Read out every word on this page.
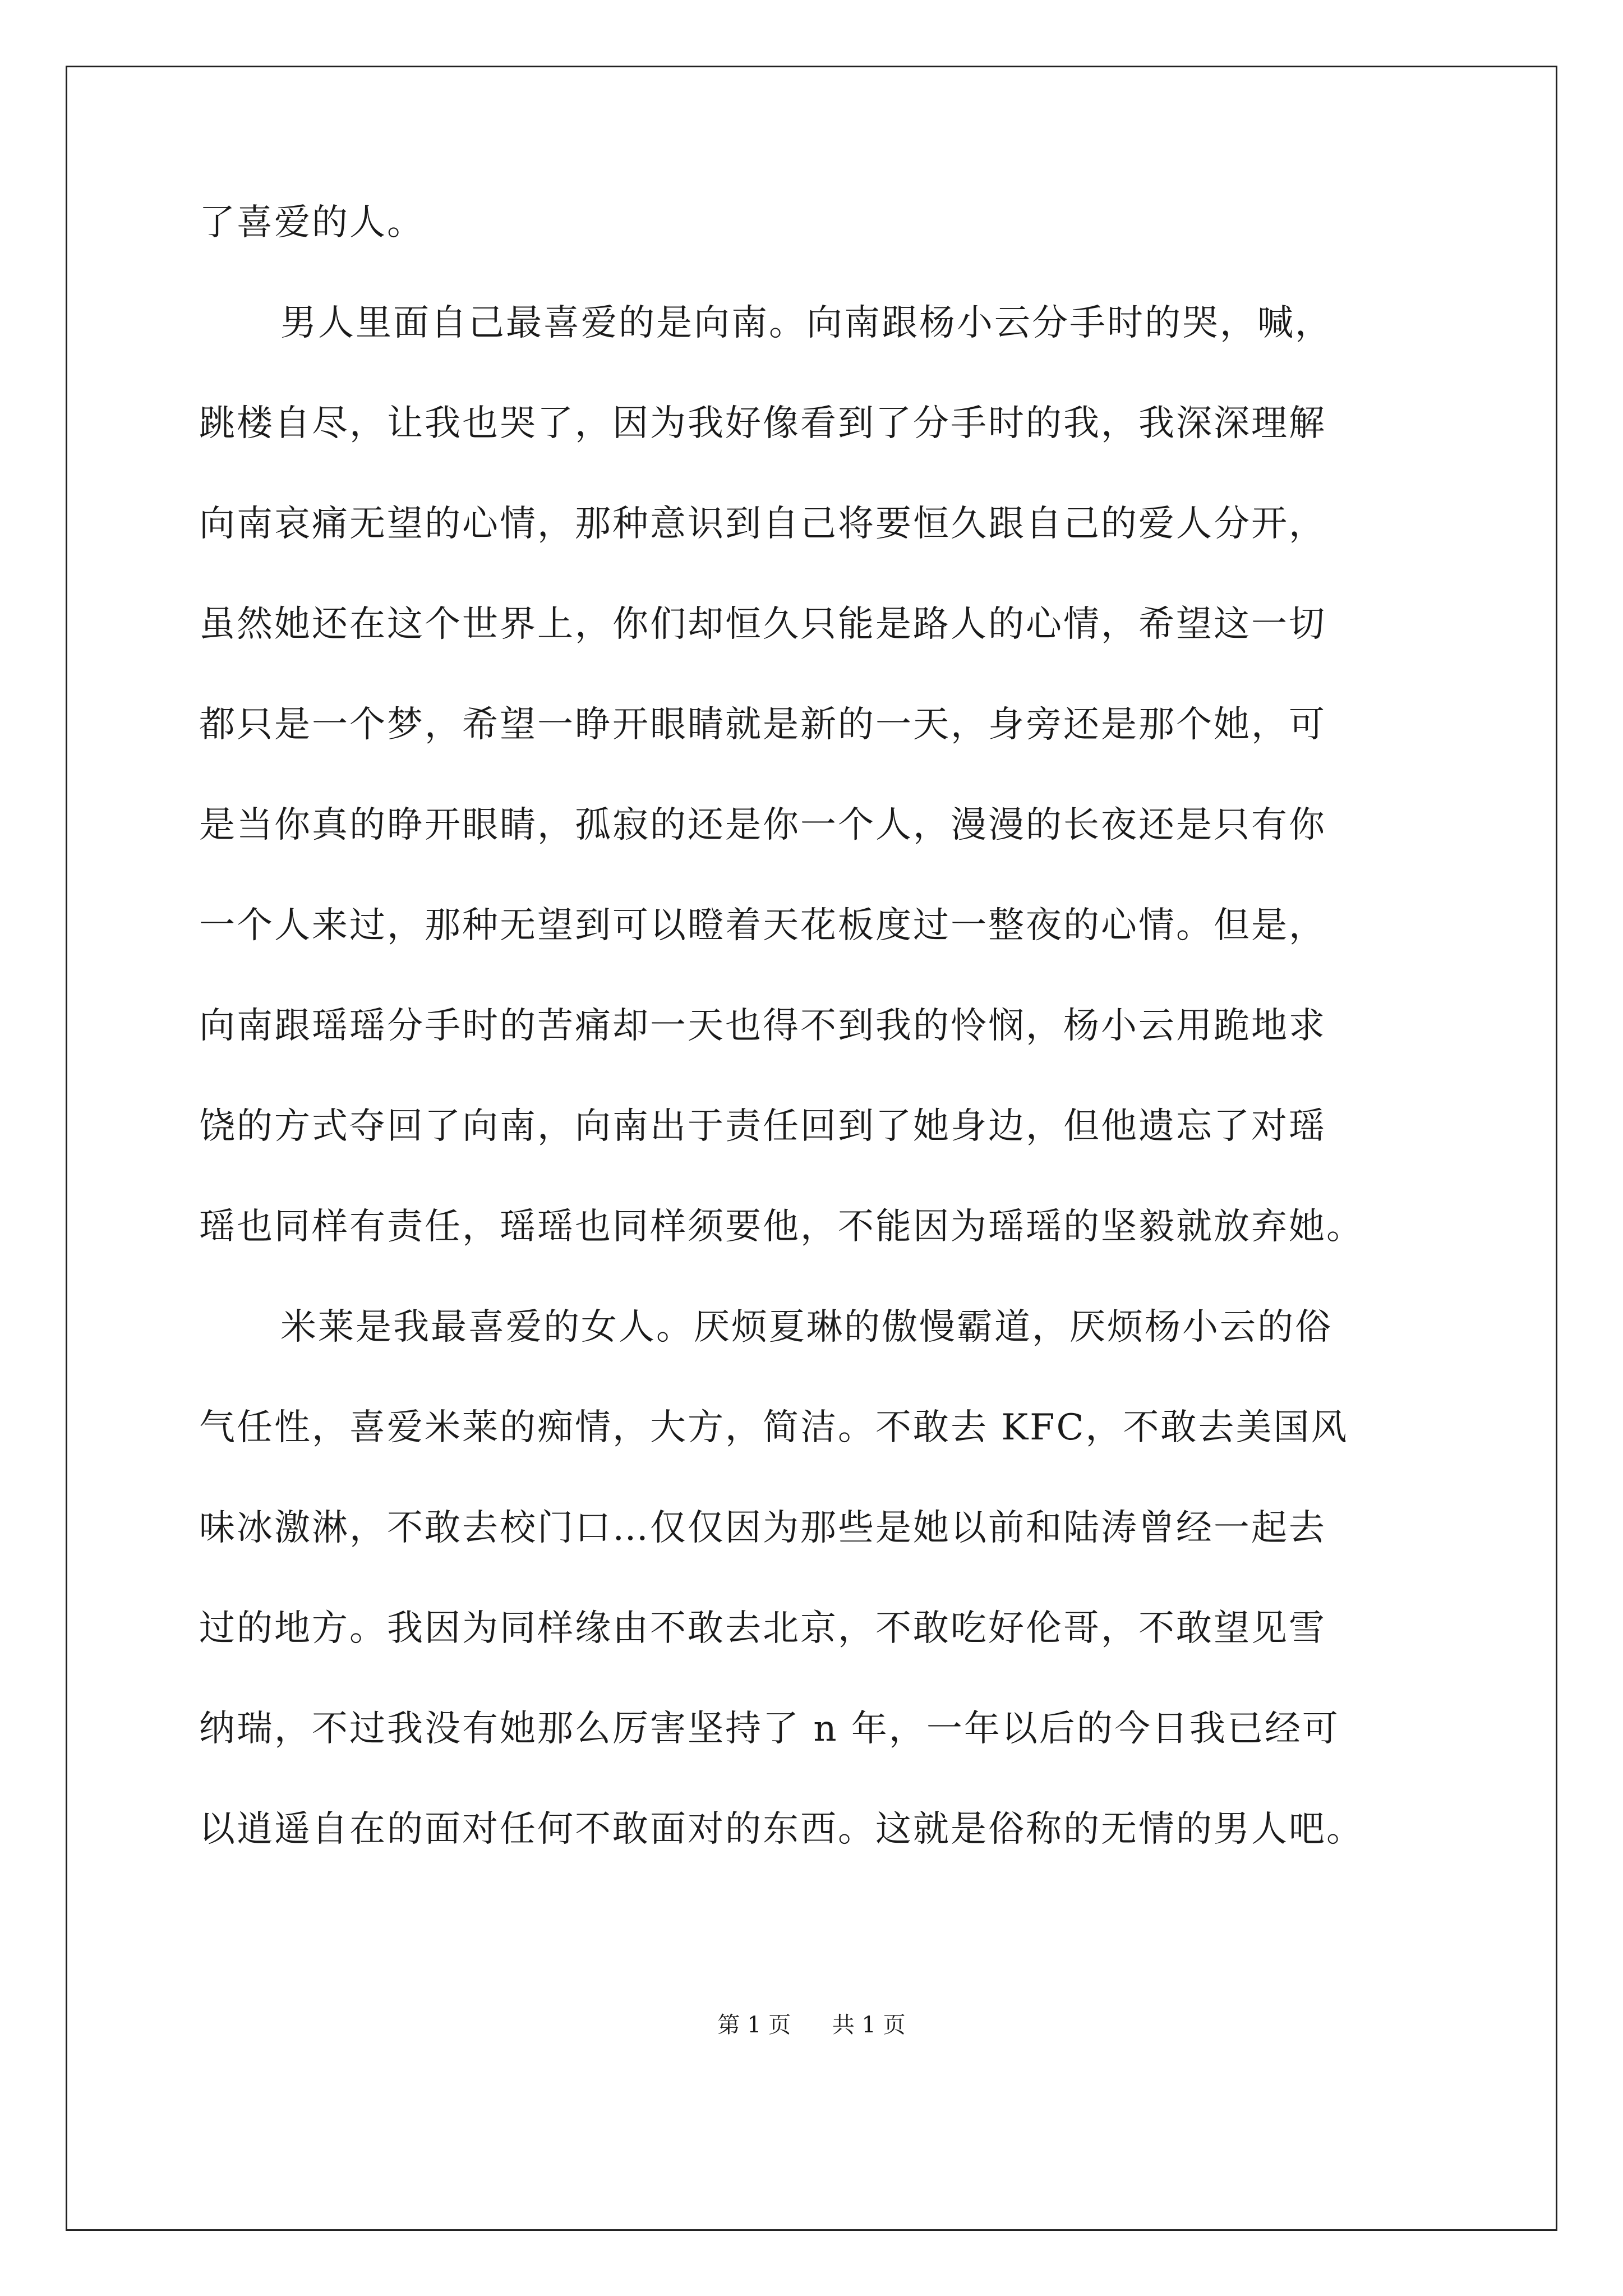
了喜爱的人。
男人里面自己最喜爱的是向南。向南跟杨小云分手时的哭，喊，
跳楼自尽，让我也哭了，因为我好像看到了分手时的我，我深深理解
向南哀痛无望的心情，那种意识到自己将要恒久跟自己的爱人分开，
虽然她还在这个世界上，你们却恒久只能是路人的心情，希望这一切
都只是一个梦，希望一睁开眼睛就是新的一天，身旁还是那个她，可
是当你真的睁开眼睛，孤寂的还是你一个人，漫漫的长夜还是只有你
一个人来过，那种无望到可以瞪着天花板度过一整夜的心情。但是，
向南跟瑶瑶分手时的苦痛却一天也得不到我的怜悯，杨小云用跪地求
饶的方式夺回了向南，向南出于责任回到了她身边，但他遗忘了对瑶
瑶也同样有责任，瑶瑶也同样须要他，不能因为瑶瑶的坚毅就放弃她。
米莱是我最喜爱的女人。厌烦夏琳的傲慢霸道，厌烦杨小云的俗
气任性，喜爱米莱的痴情，大方，简洁。不敢去 KFC，不敢去美国风
味冰激淋，不敢去校门口…仅仅因为那些是她以前和陆涛曾经一起去
过的地方。我因为同样缘由不敢去北京，不敢吃好伦哥，不敢望见雪
纳瑞，不过我没有她那么厉害坚持了 n 年，一年以后的今日我已经可
以逍遥自在的面对任何不敢面对的东西。这就是俗称的无情的男人吧。
第 1 页 共 1 页
